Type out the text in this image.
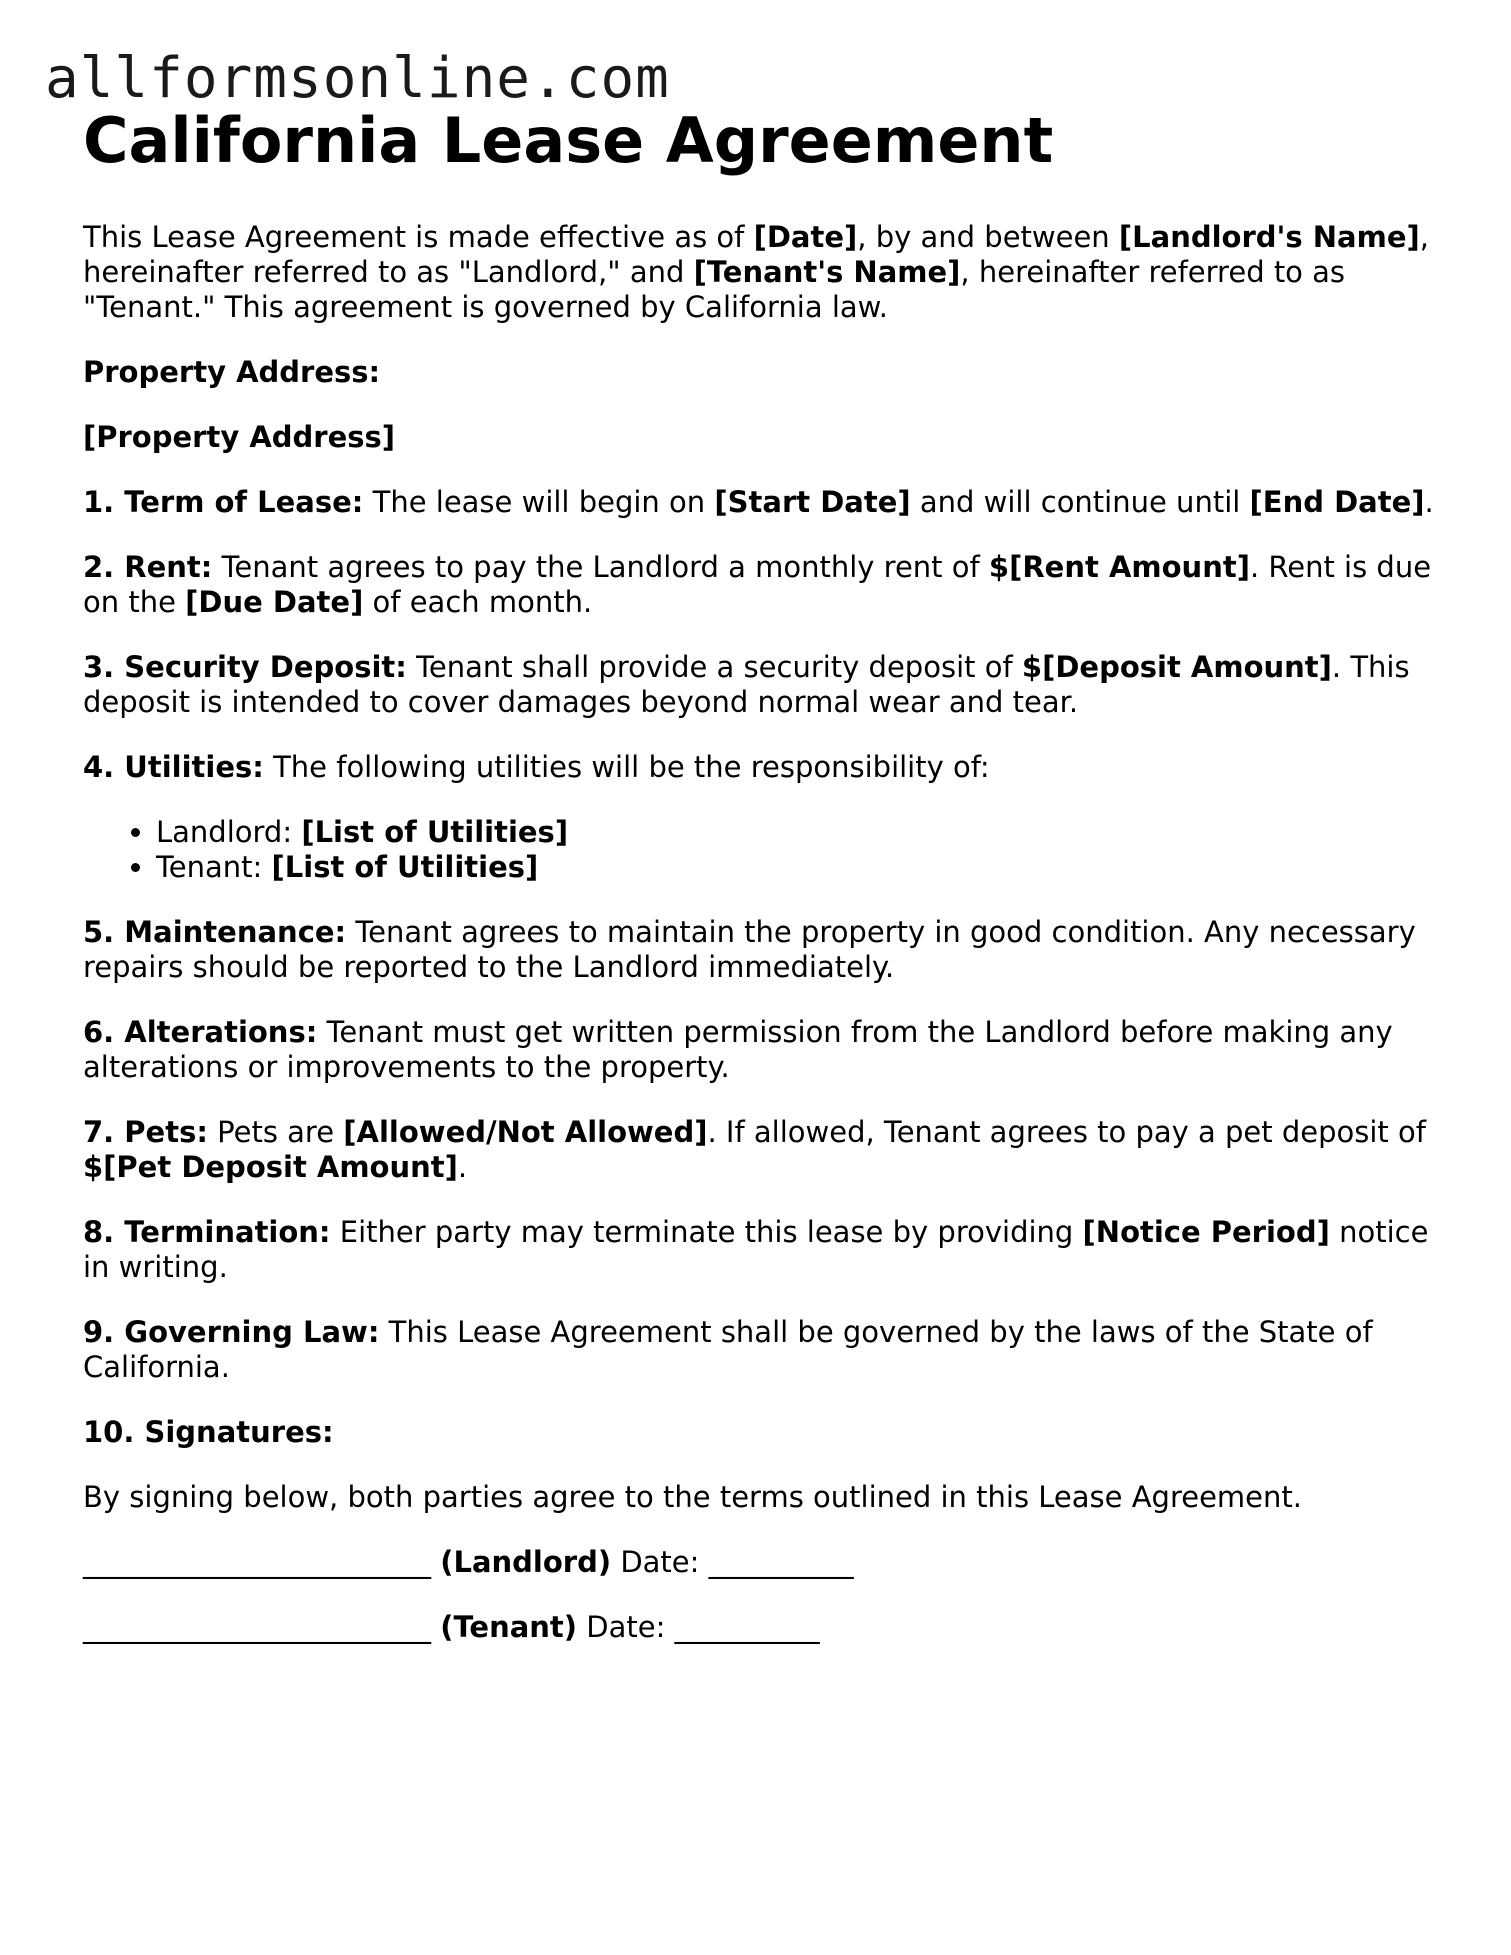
allformsonline.com
California Lease Agreement

This Lease Agreement is made effective as of [Date], by and between [Landlord's Name], hereinafter referred to as "Landlord," and [Tenant's Name], hereinafter referred to as "Tenant." This agreement is governed by California law.

Property Address:

[Property Address]

1. Term of Lease: The lease will begin on [Start Date] and will continue until [End Date].

2. Rent: Tenant agrees to pay the Landlord a monthly rent of $[Rent Amount]. Rent is due on the [Due Date] of each month.

3. Security Deposit: Tenant shall provide a security deposit of $[Deposit Amount]. This deposit is intended to cover damages beyond normal wear and tear.

4. Utilities: The following utilities will be the responsibility of:

• Landlord: [List of Utilities]
• Tenant: [List of Utilities]

5. Maintenance: Tenant agrees to maintain the property in good condition. Any necessary repairs should be reported to the Landlord immediately.

6. Alterations: Tenant must get written permission from the Landlord before making any alterations or improvements to the property.

7. Pets: Pets are [Allowed/Not Allowed]. If allowed, Tenant agrees to pay a pet deposit of $[Pet Deposit Amount].

8. Termination: Either party may terminate this lease by providing [Notice Period] notice in writing.

9. Governing Law: This Lease Agreement shall be governed by the laws of the State of California.

10. Signatures:

By signing below, both parties agree to the terms outlined in this Lease Agreement.

________________________ (Landlord) Date: __________

________________________ (Tenant) Date: __________
